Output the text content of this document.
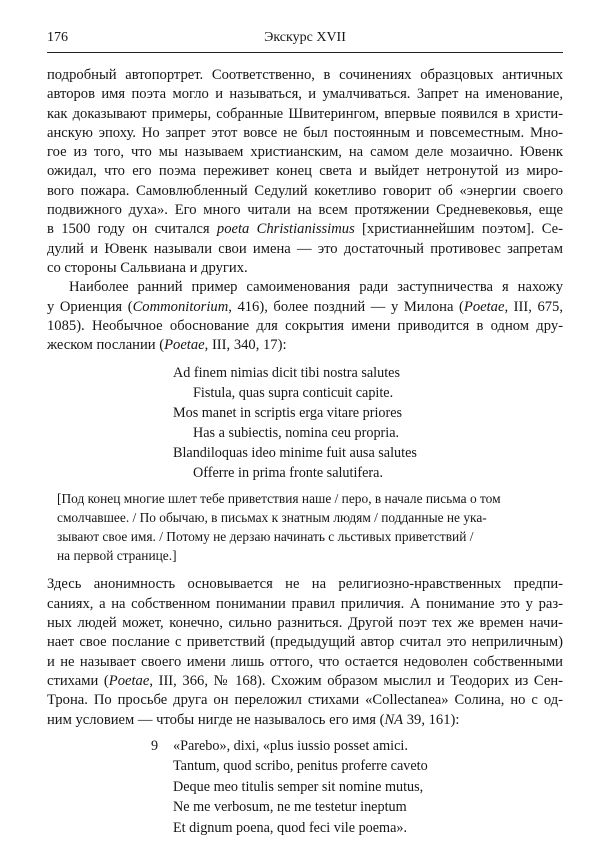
176	Экскурс XVII

подробный автопортрет. Соответственно, в сочинениях образцовых античных
авторов имя поэта могло и называться, и умалчиваться. Запрет на именование,
как доказывают примеры, собранные Швитерингом, впервые появился в христи-
анскую эпоху. Но запрет этот вовсе не был постоянным и повсеместным. Мно-
гое из того, что мы называем христианским, на самом деле мозаично. Ювенк
ожидал, что его поэма переживет конец света и выйдет нетронутой из миро-
вого пожара. Самовлюбленный Седулий кокетливо говорит об «энергии своего
подвижного духа». Его много читали на всем протяжении Средневековья, еще
в 1500 году он считался poeta Christianissimus [христианнейшим поэтом]. Се-
дулий и Ювенк называли свои имена — это достаточный противовес запретам
со стороны Сальвиана и других.

Наиболее ранний пример самоименования ради заступничества я нахожу
у Ориенция (Commonitorium, 416), более поздний — у Милона (Poetae, III, 675,
1085). Необычное обоснование для сокрытия имени приводится в одном дру-
жеском послании (Poetae, III, 340, 17):

Ad finem nimias dicit tibi nostra salutes
Fistula, quas supra conticuit capite.
Mos manet in scriptis erga vitare priores
Has a subiectis, nomina ceu propria.
Blandiloquas ideo minime fuit ausa salutes
Offerre in prima fronte salutifera.
[Под конец многие шлет тебе приветствия наше / перо, в начале письма о том
смолчавшее. / По обычаю, в письмах к знатным людям / подданные не ука-
зывают свое имя. / Потому не дерзаю начинать с льстивых приветствий /
на первой странице.]

Здесь анонимность основывается не на религиозно-нравственных предпи-
саниях, а на собственном понимании правил приличия. А понимание это у раз-
ных людей может, конечно, сильно разниться. Другой поэт тех же времен начи-
нает свое послание с приветствий (предыдущий автор считал это неприличным)
и не называет своего имени лишь оттого, что остается недоволен собственными
стихами (Poetae, III, 366, № 168). Схожим образом мыслил и Теодорих из Сен-
Трона. По просьбе друга он переложил стихами «Collectanea» Солина, но с од-
ним условием — чтобы нигде не называлось его имя (NA 39, 161):

9 «Parebo», dixi, «plus iussio posset amici.
Tantum, quod scribo, penitus proferre caveto
Deque meo titulis semper sit nomine mutus,
Ne me verbosum, ne me testetur ineptum
Et dignum poena, quod feci vile poema».
